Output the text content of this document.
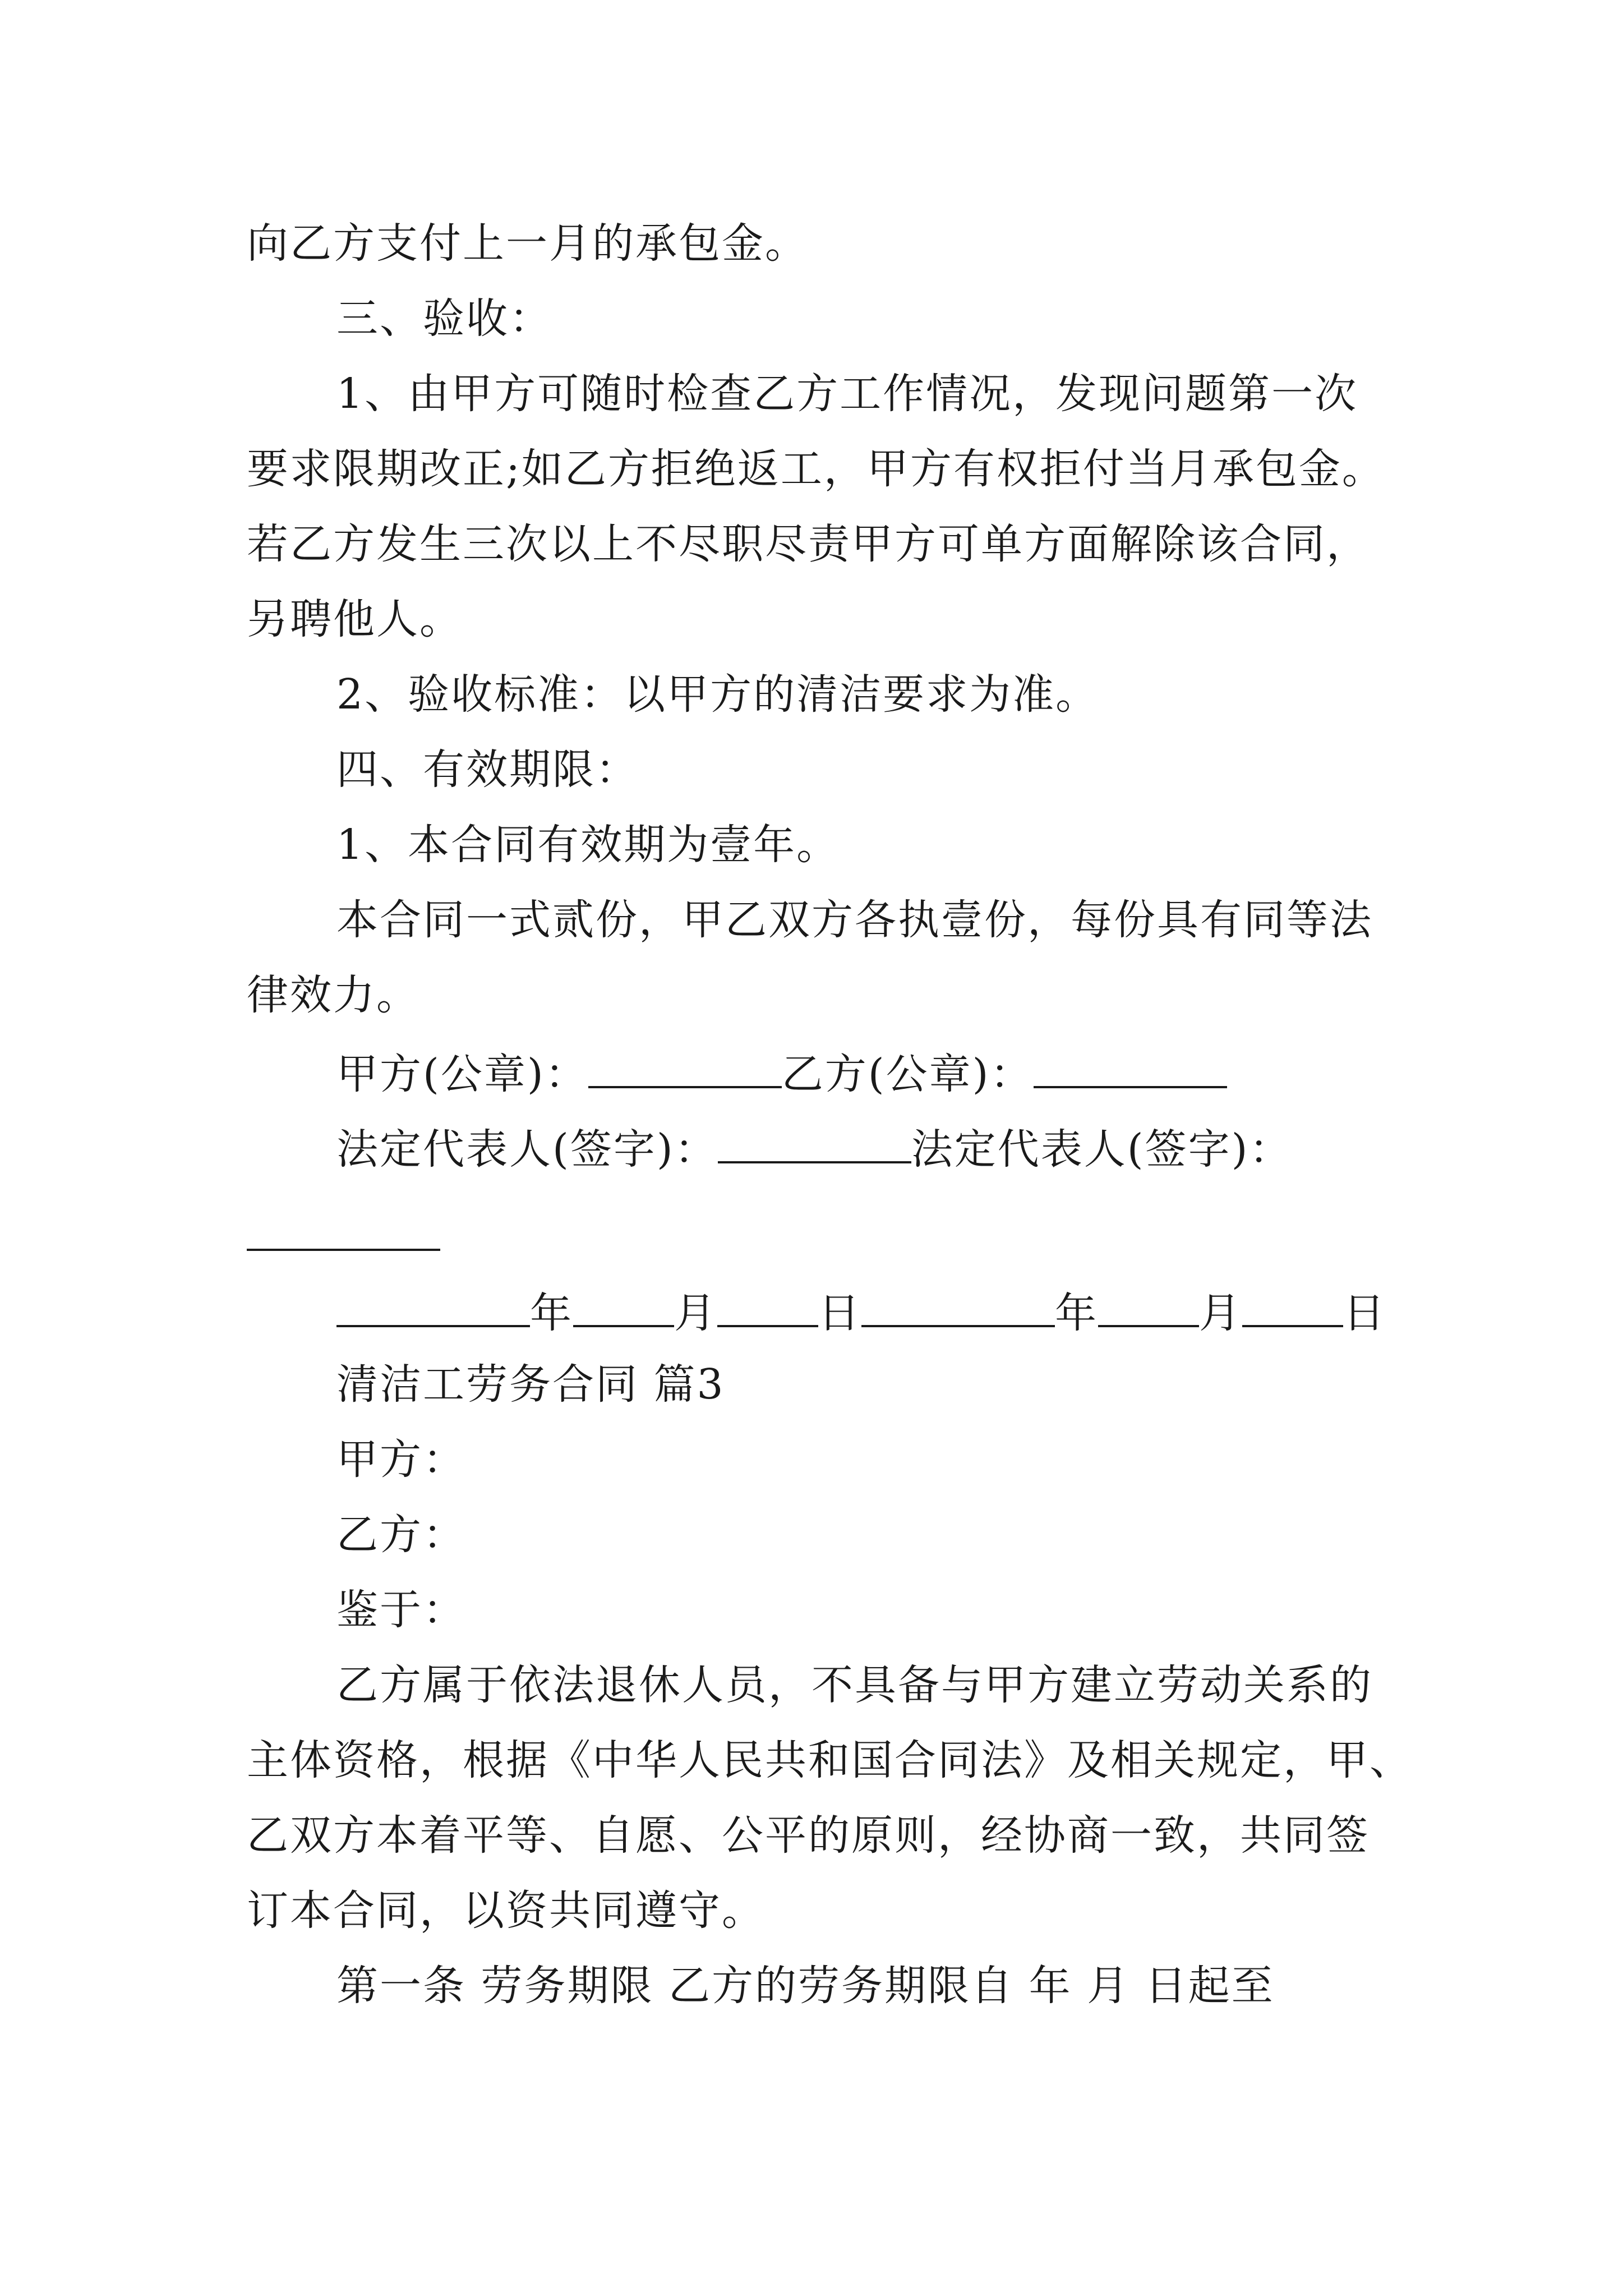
向乙方支付上一月的承包金。
三、验收：
1、由甲方可随时检查乙方工作情况，发现问题第一次
要求限期改正;如乙方拒绝返工，甲方有权拒付当月承包金。
若乙方发生三次以上不尽职尽责甲方可单方面解除该合同，
另聘他人。
2、验收标准：以甲方的清洁要求为准。
四、有效期限：
1、本合同有效期为壹年。
本合同一式贰份，甲乙双方各执壹份，每份具有同等法
律效力。
甲方(公章)：	乙方(公章)：
法定代表人(签字)：	法定代表人(签字)：
年 月 日	年 月 日
清洁工劳务合同 篇3
甲方：
乙方：
鉴于：
乙方属于依法退休人员，不具备与甲方建立劳动关系的
主体资格，根据《中华人民共和国合同法》及相关规定，甲、
乙双方本着平等、自愿、公平的原则，经协商一致，共同签
订本合同，以资共同遵守。
第一条 劳务期限 乙方的劳务期限自 年 月 日起至
